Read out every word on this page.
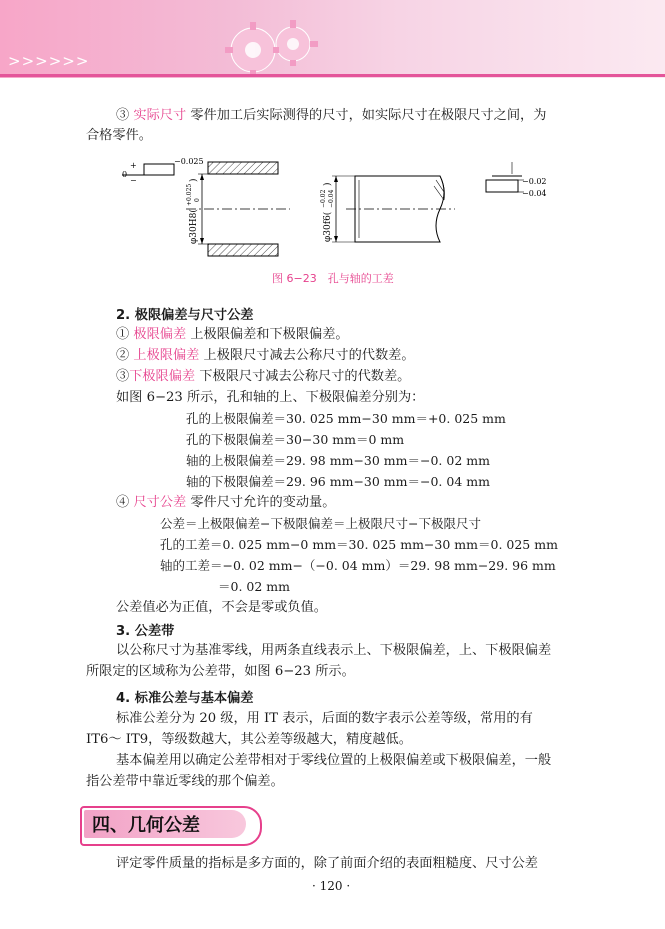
>>>>>>
③ 实际尺寸 零件加工后实际测得的尺寸，如实际尺寸在极限尺寸之间，为
合格零件。
−0.025
+
0
−
φ30H8(
+0.025 0
)
φ30f6(
−0.02 −0.04
)	−0.02
−0.04
图 6−23　孔与轴的工差
2. 极限偏差与尺寸公差
① 极限偏差 上极限偏差和下极限偏差。
② 上极限偏差 上极限尺寸减去公称尺寸的代数差。
③下极限偏差 下极限尺寸减去公称尺寸的代数差。
如图 6−23 所示，孔和轴的上、下极限偏差分别为：
孔的上极限偏差＝30. 025 mm−30 mm＝+0. 025 mm
孔的下极限偏差＝30−30 mm＝0 mm
轴的上极限偏差＝29. 98 mm−30 mm＝−0. 02 mm
轴的下极限偏差＝29. 96 mm−30 mm＝−0. 04 mm
④ 尺寸公差 零件尺寸允许的变动量。
公差＝上极限偏差−下极限偏差＝上极限尺寸−下极限尺寸
孔的工差＝0. 025 mm−0 mm＝30. 025 mm−30 mm＝0. 025 mm
轴的工差＝−0. 02 mm−（−0. 04 mm）＝29. 98 mm−29. 96 mm
＝0. 02 mm
公差值必为正值，不会是零或负值。
3. 公差带
以公称尺寸为基准零线，用两条直线表示上、下极限偏差，上、下极限偏差
所限定的区域称为公差带，如图 6−23 所示。
4. 标准公差与基本偏差
标准公差分为 20 级，用 IT 表示，后面的数字表示公差等级，常用的有
IT6～ IT9，等级数越大，其公差等级越大，精度越低。
基本偏差用以确定公差带相对于零线位置的上极限偏差或下极限偏差，一般
指公差带中靠近零线的那个偏差。
四、几何公差
评定零件质量的指标是多方面的，除了前面介绍的表面粗糙度、尺寸公差
· 120 ·
